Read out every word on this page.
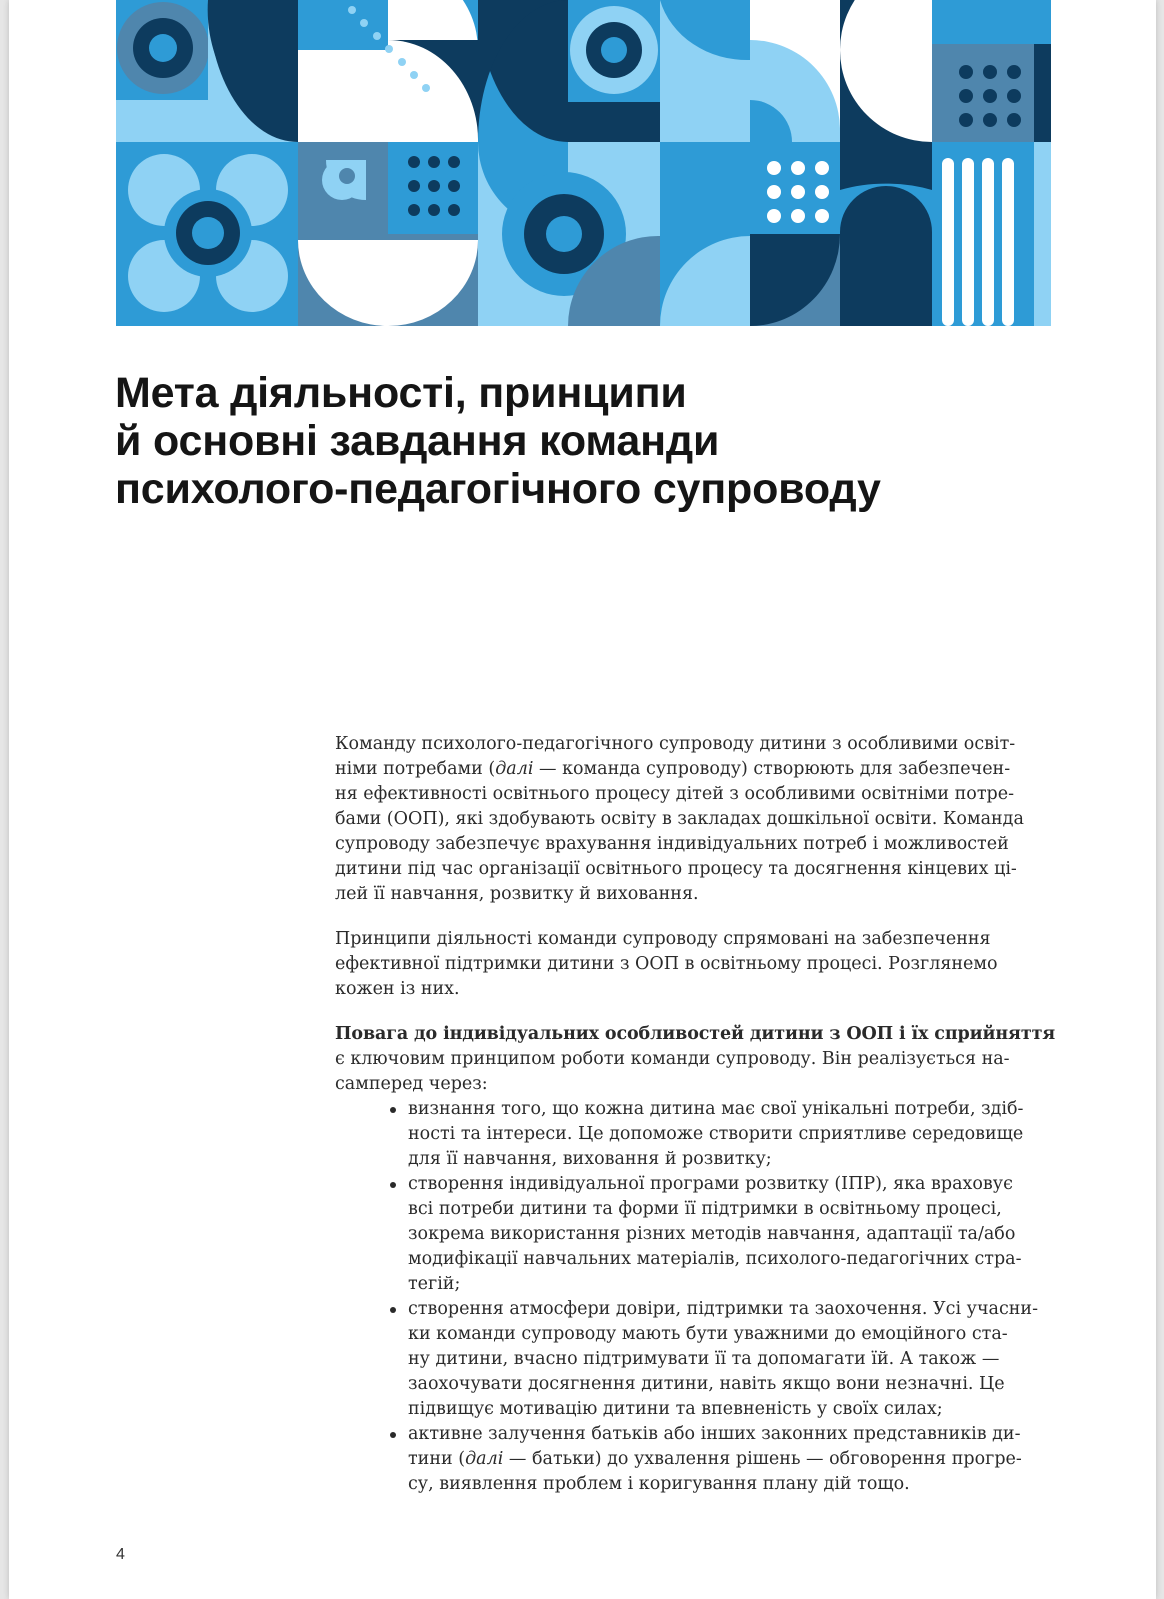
Мета діяльності, принципи
й основні завдання команди
психолого-педагогічного супроводу

Команду психолого-педагогічного супроводу дитини з особливими освіт-
німи потребами (далі — команда супроводу) створюють для забезпечен-
ня ефективності освітнього процесу дітей з особливими освітніми потре-
бами (ООП), які здобувають освіту в закладах дошкільної освіти. Команда
супроводу забезпечує врахування індивідуальних потреб і можливостей
дитини під час організації освітнього процесу та досягнення кінцевих ці-
лей її навчання, розвитку й виховання.

Принципи діяльності команди супроводу спрямовані на забезпечення
ефективної підтримки дитини з ООП в освітньому процесі. Розглянемо
кожен із них.

Повага до індивідуальних особливостей дитини з ООП і їх сприйняття
є ключовим принципом роботи команди супроводу. Він реалізується на-
самперед через:

визнання того, що кожна дитина має свої унікальні потреби, здіб-
ності та інтереси. Це допоможе створити сприятливе середовище
для її навчання, виховання й розвитку;
створення індивідуальної програми розвитку (ІПР), яка враховує
всі потреби дитини та форми її підтримки в освітньому процесі,
зокрема використання різних методів навчання, адаптації та/або
модифікації навчальних матеріалів, психолого-педагогічних стра-
тегій;
створення атмосфери довіри, підтримки та заохочення. Усі учасни-
ки команди супроводу мають бути уважними до емоційного ста-
ну дитини, вчасно підтримувати її та допомагати їй. А також —
заохочувати досягнення дитини, навіть якщо вони незначні. Це
підвищує мотивацію дитини та впевненість у своїх силах;
активне залучення батьків або інших законних представників ди-
тини (далі — батьки) до ухвалення рішень — обговорення прогре-
су, виявлення проблем і коригування плану дій тощо.
4
